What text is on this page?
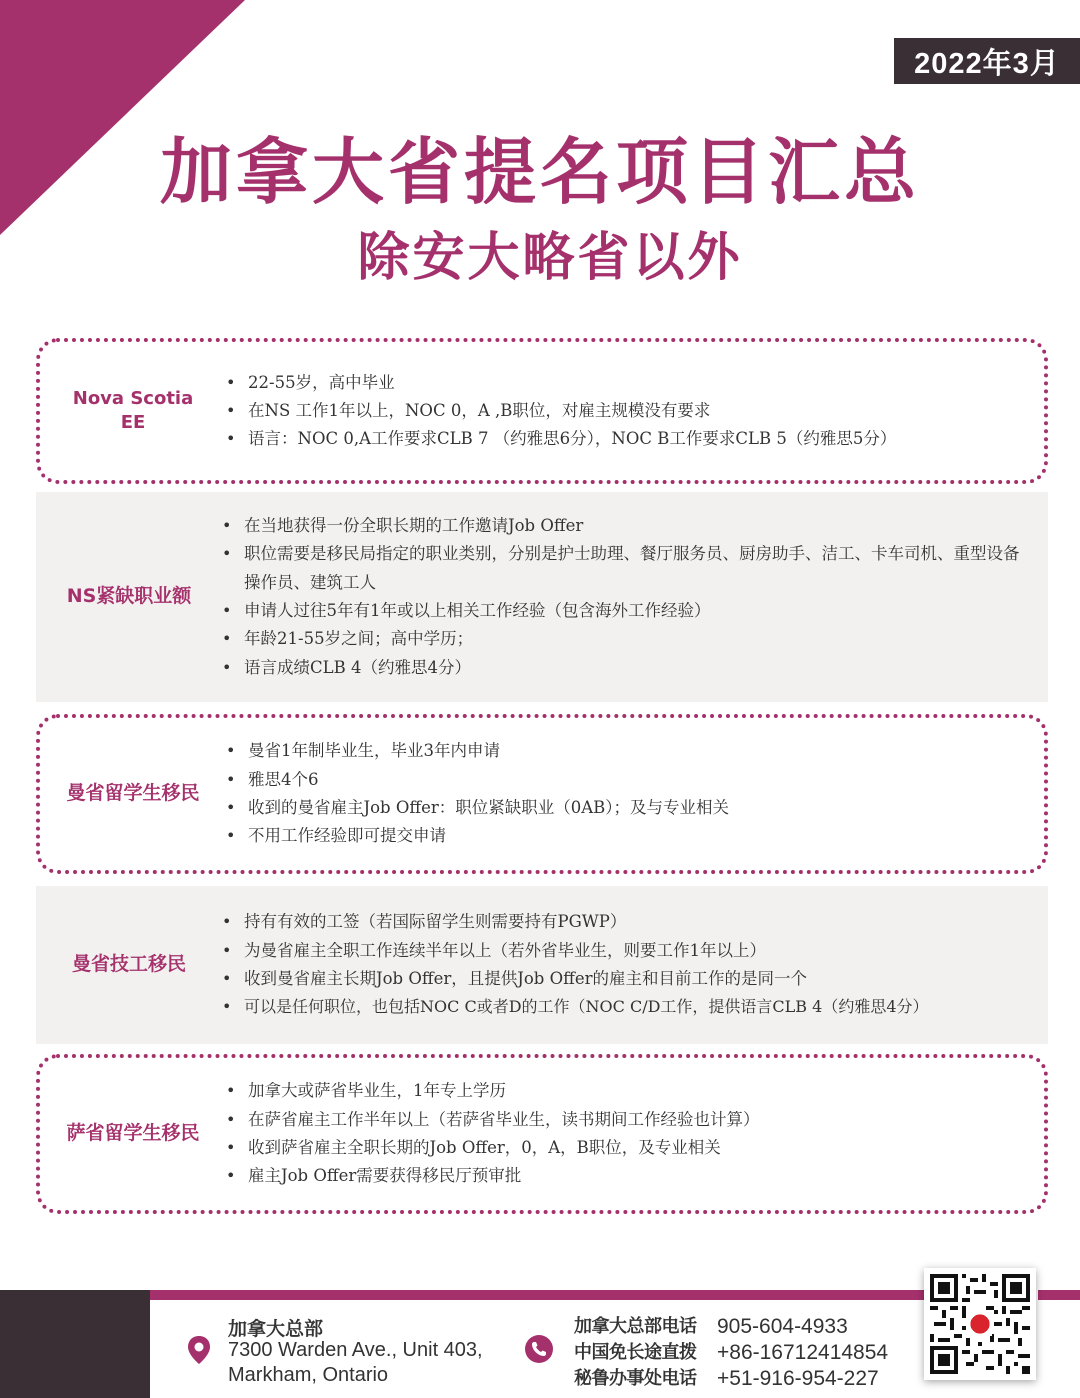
2022年3月
加拿大省提名项目汇总
除安大略省以外
Nova Scotia
EE
• 22-55岁，高中毕业
• 在NS 工作1年以上，NOC 0，A ,B职位，对雇主规模没有要求
• 语言：NOC 0,A工作要求CLB 7 （约雅思6分），NOC B工作要求CLB 5（约雅思5分）
NS紧缺职业额
• 在当地获得一份全职长期的工作邀请Job Offer
• 职位需要是移民局指定的职业类别，分别是护士助理、餐厅服务员、厨房助手、洁工、卡车司机、重型设备操作员、建筑工人
• 申请人过往5年有1年或以上相关工作经验（包含海外工作经验）
• 年龄21-55岁之间；高中学历；
• 语言成绩CLB 4（约雅思4分）
曼省留学生移民
• 曼省1年制毕业生，毕业3年内申请
• 雅思4个6
• 收到的曼省雇主Job Offer：职位紧缺职业（0AB）；及与专业相关
• 不用工作经验即可提交申请
曼省技工移民
• 持有有效的工签（若国际留学生则需要持有PGWP）
• 为曼省雇主全职工作连续半年以上（若外省毕业生，则要工作1年以上）
• 收到曼省雇主长期Job Offer，且提供Job Offer的雇主和目前工作的是同一个
• 可以是任何职位，也包括NOC C或者D的工作（NOC C/D工作，提供语言CLB 4（约雅思4分）
萨省留学生移民
• 加拿大或萨省毕业生，1年专上学历
• 在萨省雇主工作半年以上（若萨省毕业生，读书期间工作经验也计算）
• 收到萨省雇主全职长期的Job Offer，0，A，B职位，及专业相关
• 雇主Job Offer需要获得移民厅预审批
加拿大总部
7300 Warden Ave., Unit 403,
Markham, Ontario
加拿大总部电话
中国免长途直拨
秘鲁办事处电话
905-604-4933
+86-16712414854
+51-916-954-227
